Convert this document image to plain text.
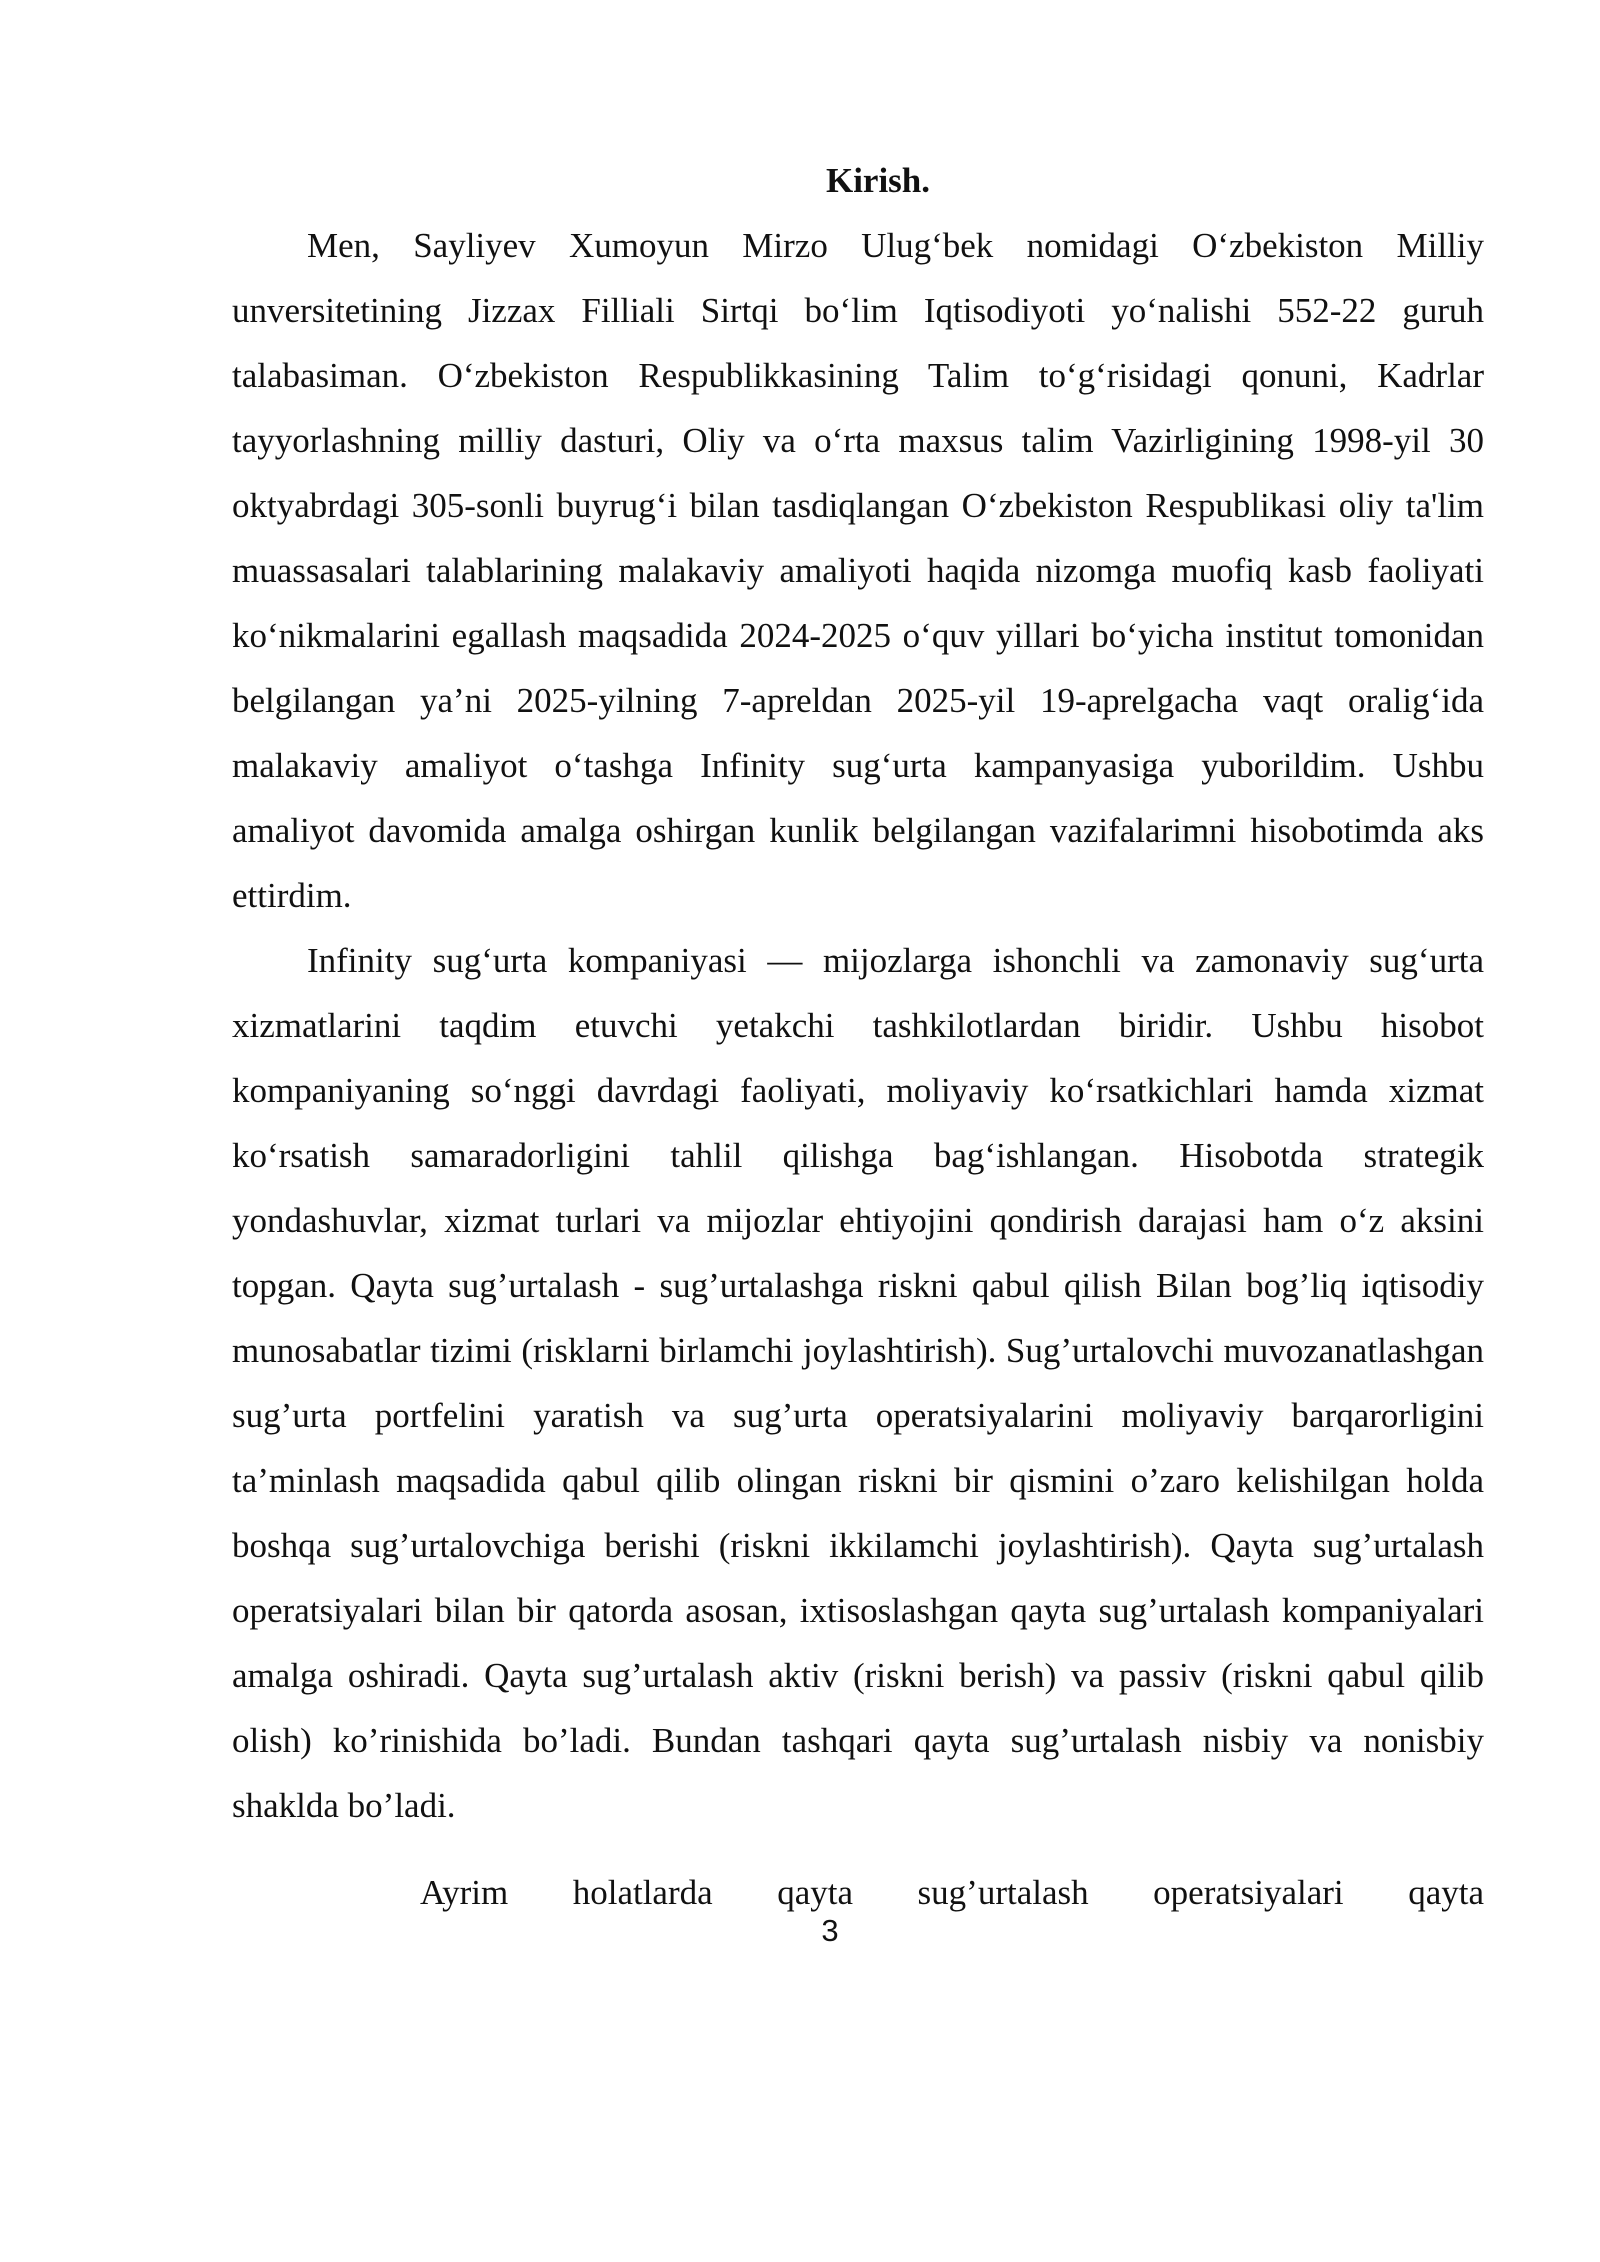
Kirish.

Men, Sayliyev Xumoyun Mirzo Ulug‘bek nomidagi O‘zbekiston Milliy unversitetining Jizzax Filliali Sirtqi bo‘lim Iqtisodiyoti yo‘nalishi 552-22 guruh talabasiman. O‘zbekiston Respublikkasining Talim to‘g‘risidagi qonuni, Kadrlar tayyorlashning milliy dasturi, Oliy va o‘rta maxsus talim Vazirligining 1998-yil 30 oktyabrdagi 305-sonli buyrug‘i bilan tasdiqlangan O‘zbekiston Respublikasi oliy ta'lim muassasalari talablarining malakaviy amaliyoti haqida nizomga muofiq kasb faoliyati ko‘nikmalarini egallash maqsadida 2024-2025 o‘quv yillari bo‘yicha institut tomonidan belgilangan ya’ni 2025-yilning 7-apreldan 2025-yil 19-aprelgacha vaqt oralig‘ida malakaviy amaliyot o‘tashga Infinity sug‘urta kampanyasiga yuborildim. Ushbu amaliyot davomida amalga oshirgan kunlik belgilangan vazifalarimni hisobotimda aks ettirdim.

Infinity sug‘urta kompaniyasi — mijozlarga ishonchli va zamonaviy sug‘urta xizmatlarini taqdim etuvchi yetakchi tashkilotlardan biridir. Ushbu hisobot kompaniyaning so‘nggi davrdagi faoliyati, moliyaviy ko‘rsatkichlari hamda xizmat ko‘rsatish samaradorligini tahlil qilishga bag‘ishlangan. Hisobotda strategik yondashuvlar, xizmat turlari va mijozlar ehtiyojini qondirish darajasi ham o‘z aksini topgan. Qayta sug’urtalash - sug’urtalashga riskni qabul qilish Bilan bog’liq iqtisodiy munosabatlar tizimi (risklarni birlamchi joylashtirish). Sug’urtalovchi muvozanatlashgan sug’urta portfelini yaratish va sug’urta operatsiyalarini moliyaviy barqarorligini ta’minlash maqsadida qabul qilib olingan riskni bir qismini o’zaro kelishilgan holda boshqa sug’urtalovchiga berishi (riskni ikkilamchi joylashtirish). Qayta sug’urtalash operatsiyalari bilan bir qatorda asosan, ixtisoslashgan qayta sug’urtalash kompaniyalari amalga oshiradi. Qayta sug’urtalash aktiv (riskni berish) va passiv (riskni qabul qilib olish) ko’rinishida bo’ladi. Bundan tashqari qayta sug’urtalash nisbiy va nonisbiy shaklda bo’ladi.

Ayrim holatlarda qayta sug’urtalash operatsiyalari qayta

3
